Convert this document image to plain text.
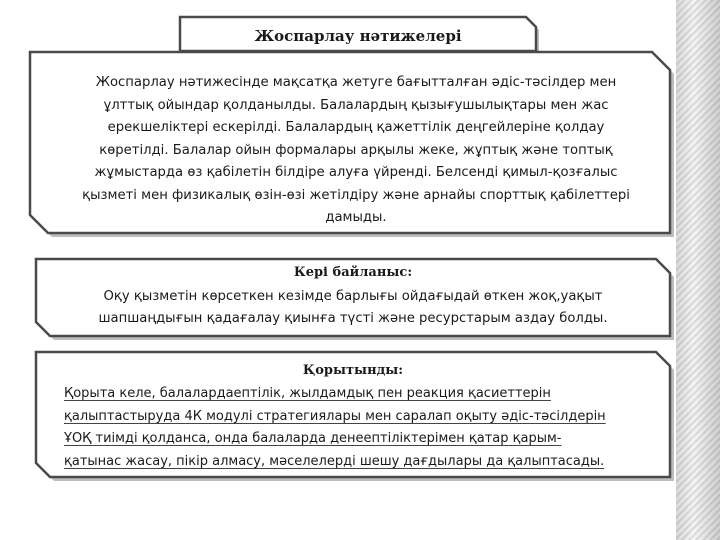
Жоспарлау нәтижелері
Жоспарлау нәтижесінде мақсатқа жетуге бағытталған әдіс-тәсілдер мен ұлттық ойындар қолданылды. Балалардың қызығушылықтары мен жас ерекшеліктері ескерілді. Балалардың қажеттілік деңгейлеріне қолдау көретілді. Балалар ойын формалары арқылы жеке, жұптық және топтық жұмыстарда өз қабілетін білдіре алуға үйренді. Белсенді қимыл-қозғалыс қызметі мен физикалық өзін-өзі жетілдіру және арнайы спорттық қабілеттері дамыды.
Кері байланыс:
Оқу қызметін көрсеткен кезімде барлығы ойдағыдай өткен жоқ,уақыт шапшаңдығын қадағалау қиынға түсті және ресурстарым аздау болды.
Қорытынды:
Қорыта келе, балалардаептілік, жылдамдық пен реакция қасиеттерін
қалыптастыруда 4К модулі стратегиялары мен саралап оқыту әдіс-тәсілдерін
ҰОҚ тиімді қолданса, онда балаларда денеептіліктерімен қатар қарым-
қатынас жасау, пікір алмасу, мәселелерді шешу дағдылары да қалыптасады.
